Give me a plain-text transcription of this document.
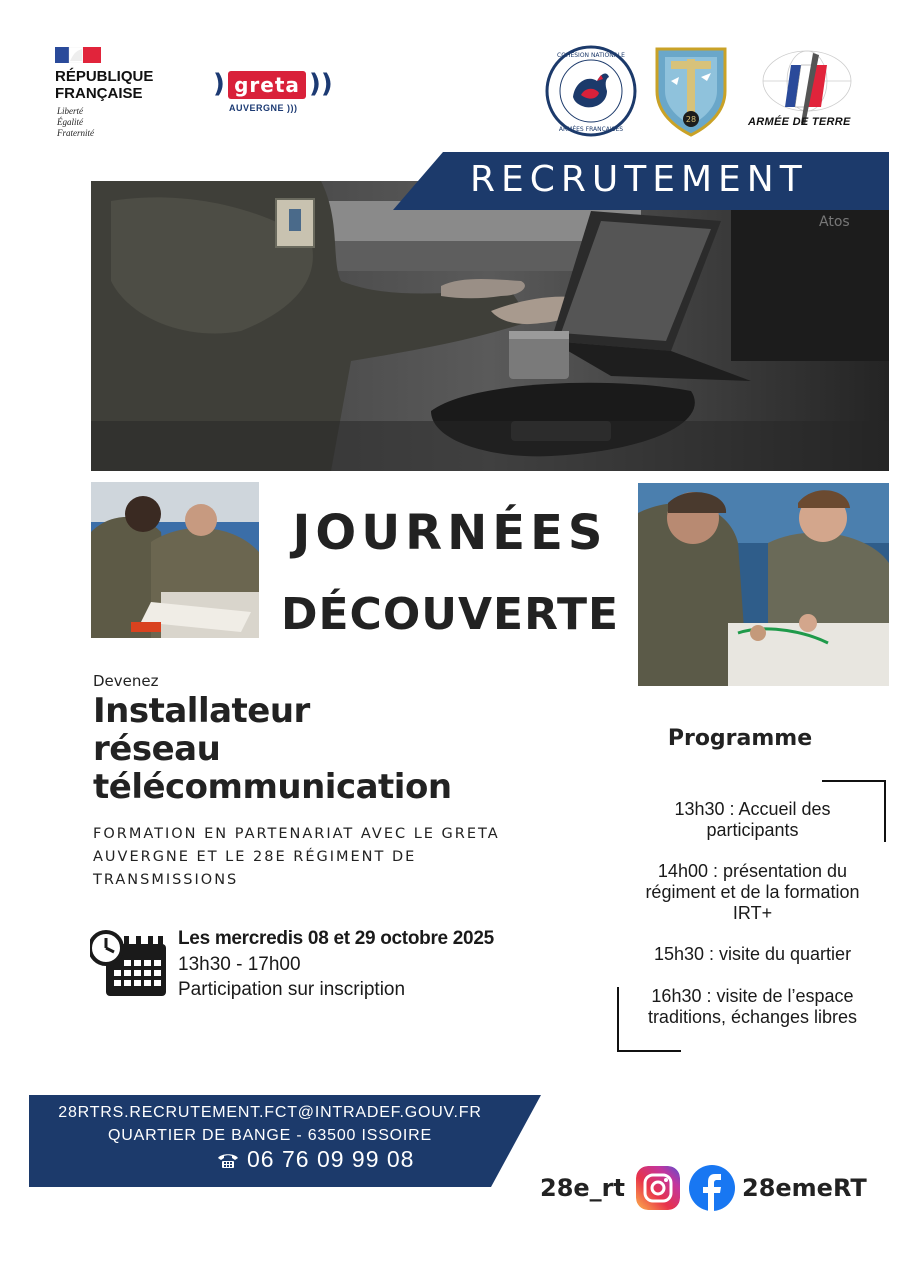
RÉPUBLIQUE
FRANÇAISE
Liberté
Égalité
Fraternité
) greta ))
AUVERGNE )))
COHÉSION NATIONALE
ARMÉES FRANÇAISES
28	ARMÉE DE TERRE
Atos
RECRUTEMENT
JOURNÉES
DÉCOUVERTE
Devenez
Installateur
réseau
télécommunication
FORMATION EN PARTENARIAT AVEC LE GRETA
AUVERGNE ET LE 28E RÉGIMENT DE
TRANSMISSIONS
Les mercredis 08 et 29 octobre 2025
13h30 - 17h00
Participation sur inscription
Programme
13h30 : Accueil des
participants
14h00 : présentation du
régiment et de la formation
IRT+
15h30 : visite du quartier
16h30 : visite de l’espace
traditions, échanges libres
28RTRS.RECRUTEMENT.FCT@INTRADEF.GOUV.FR
QUARTIER DE BANGE - 63500 ISSOIRE
06 76 09 99 08
28e_rt	28emeRT
